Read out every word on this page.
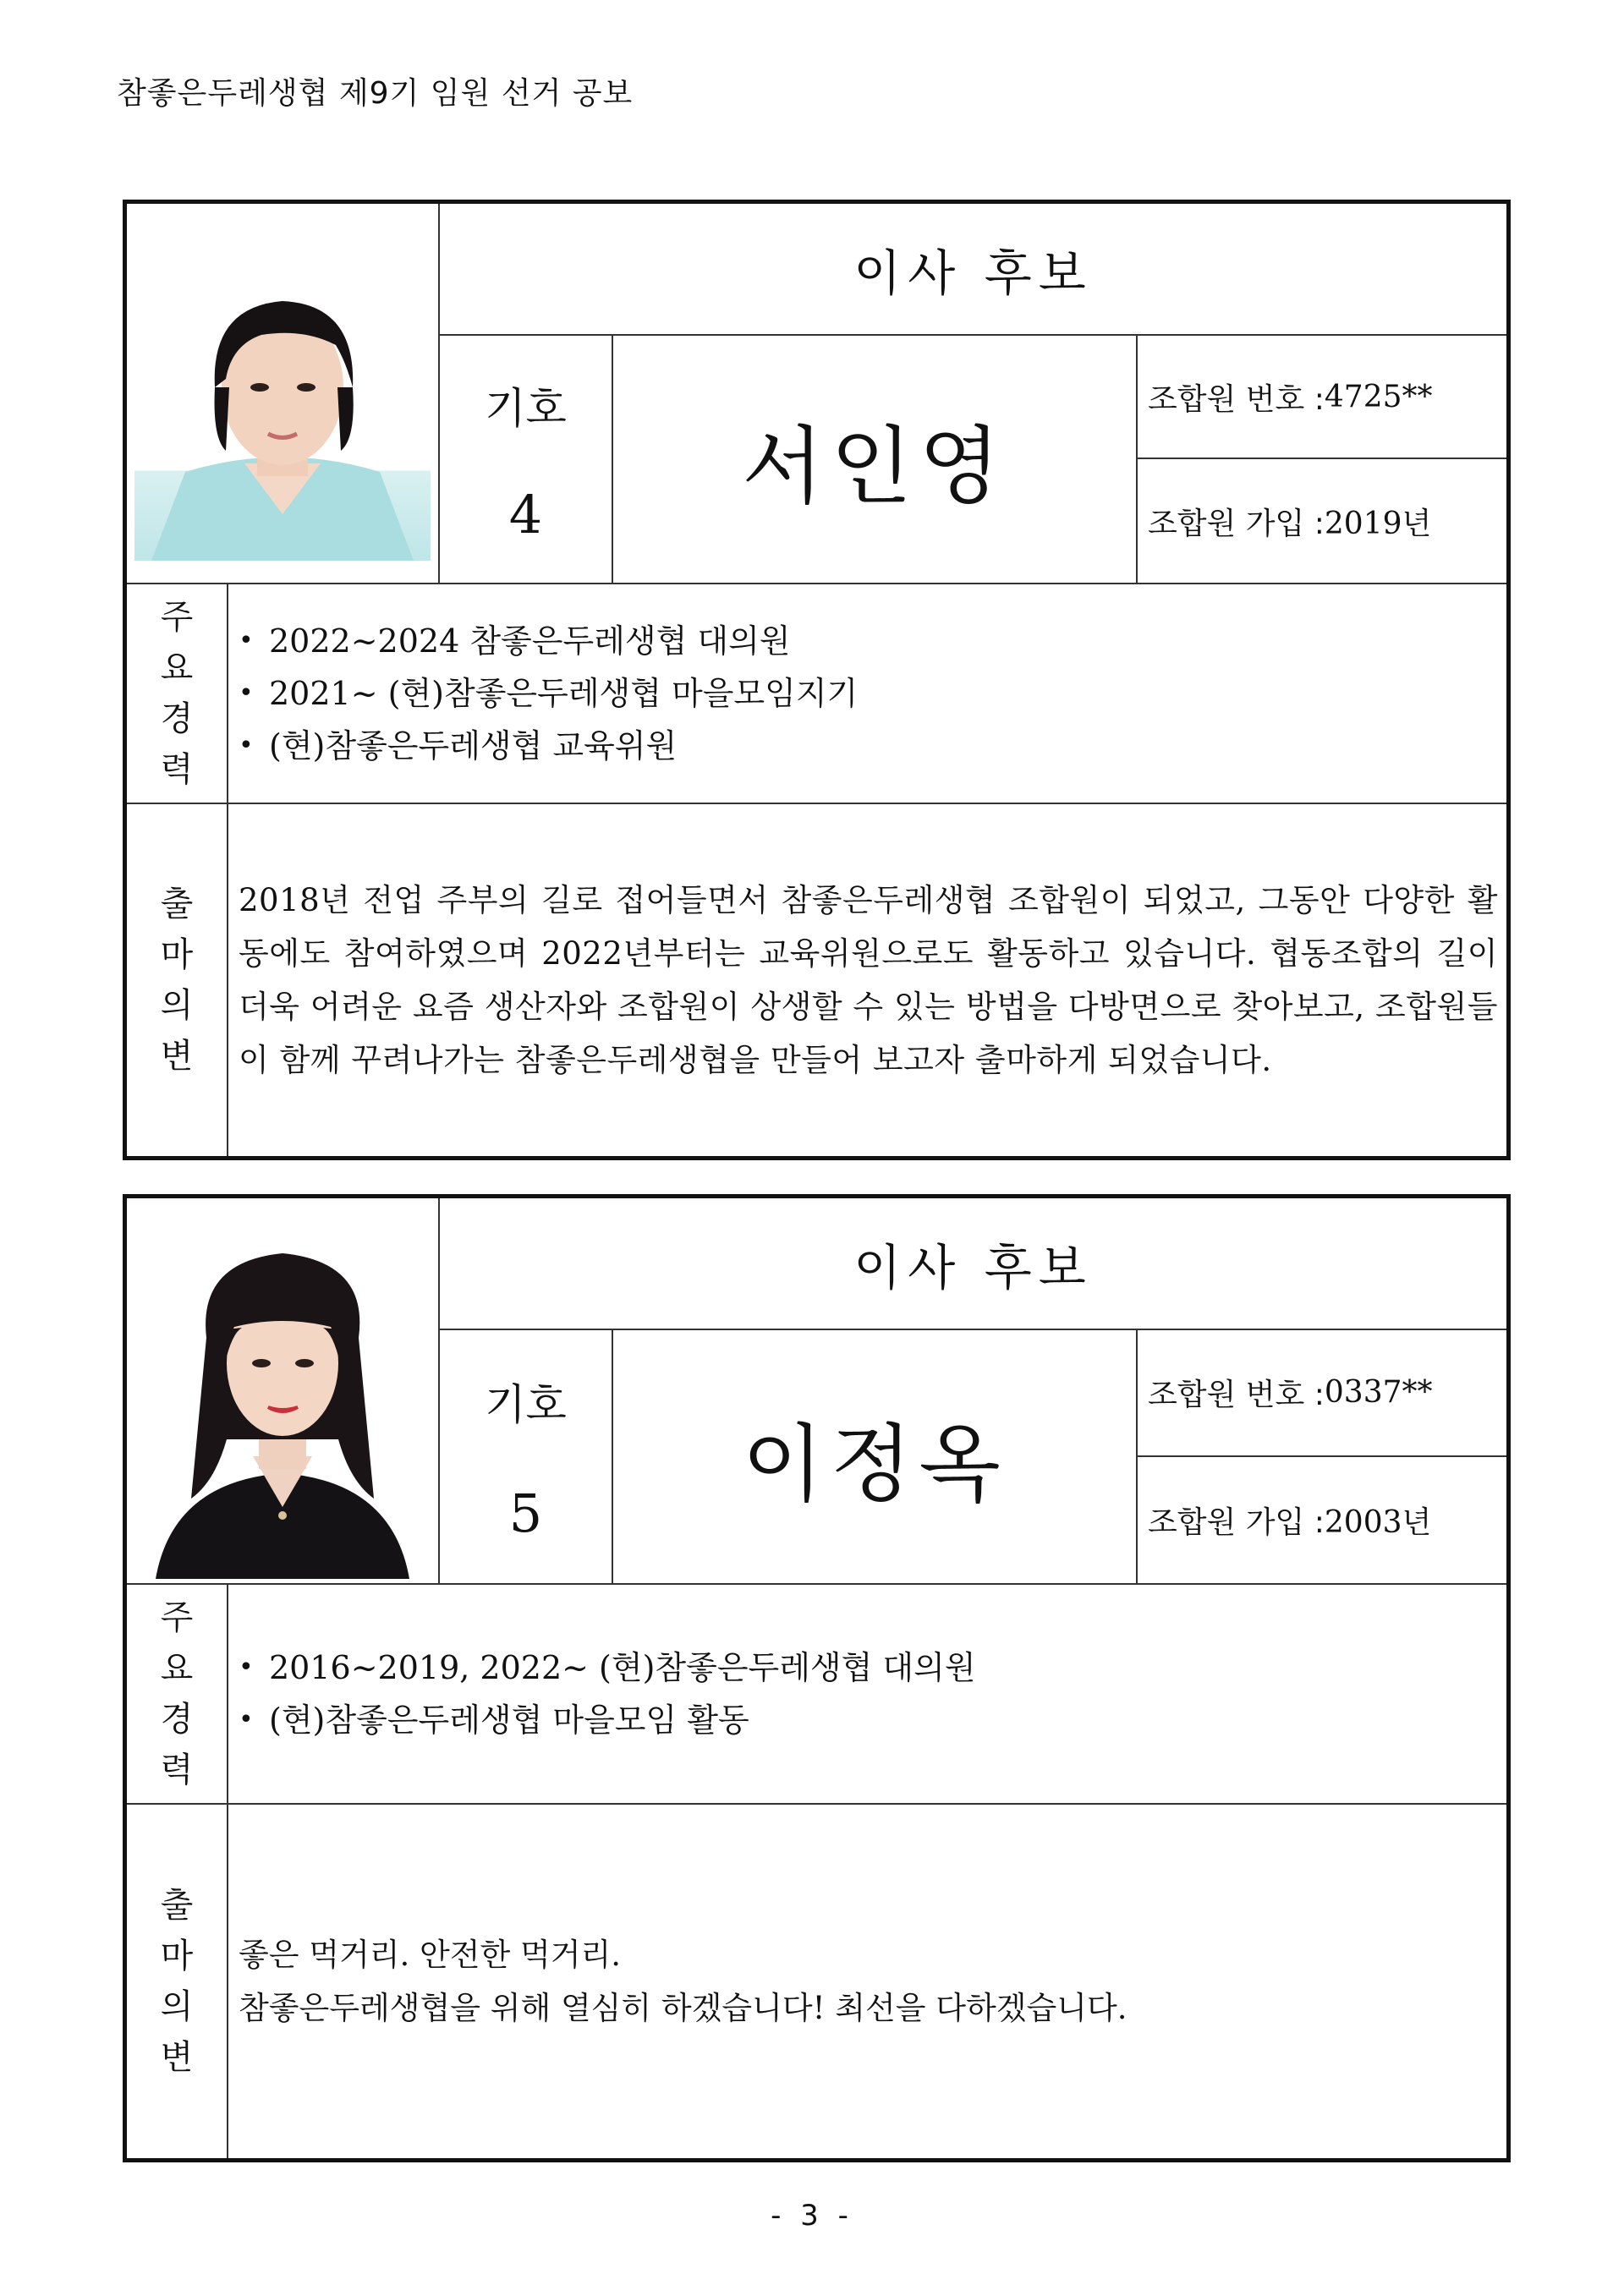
참좋은두레생협 제9기 임원 선거 공보
이사 후보
기호
4	서인영
조합원 번호 : 4725**
조합원 가입 : 2019년
주
요
경
력
• 2022~2024 참좋은두레생협 대의원
• 2021~ (현)참좋은두레생협 마을모임지기
• (현)참좋은두레생협 교육위원
출
마
의
변

2018년 전업 주부의 길로 접어들면서 참좋은두레생협 조합원이 되었고, 그동안 다양한 활동에도 참여하였으며 2022년부터는 교육위원으로도 활동하고 있습니다. 협동조합의 길이 더욱 어려운 요즘 생산자와 조합원이 상생할 수 있는 방법을 다방면으로 찾아보고, 조합원들이 함께 꾸려나가는 참좋은두레생협을 만들어 보고자 출마하게 되었습니다.

이사 후보
기호
5	이정옥
조합원 번호 : 0337**
조합원 가입 : 2003년
주
요
경
력
• 2016~2019, 2022~ (현)참좋은두레생협 대의원
• (현)참좋은두레생협 마을모임 활동
출
마
의
변
좋은 먹거리. 안전한 먹거리.
참좋은두레생협을 위해 열심히 하겠습니다! 최선을 다하겠습니다.
- 3 -
